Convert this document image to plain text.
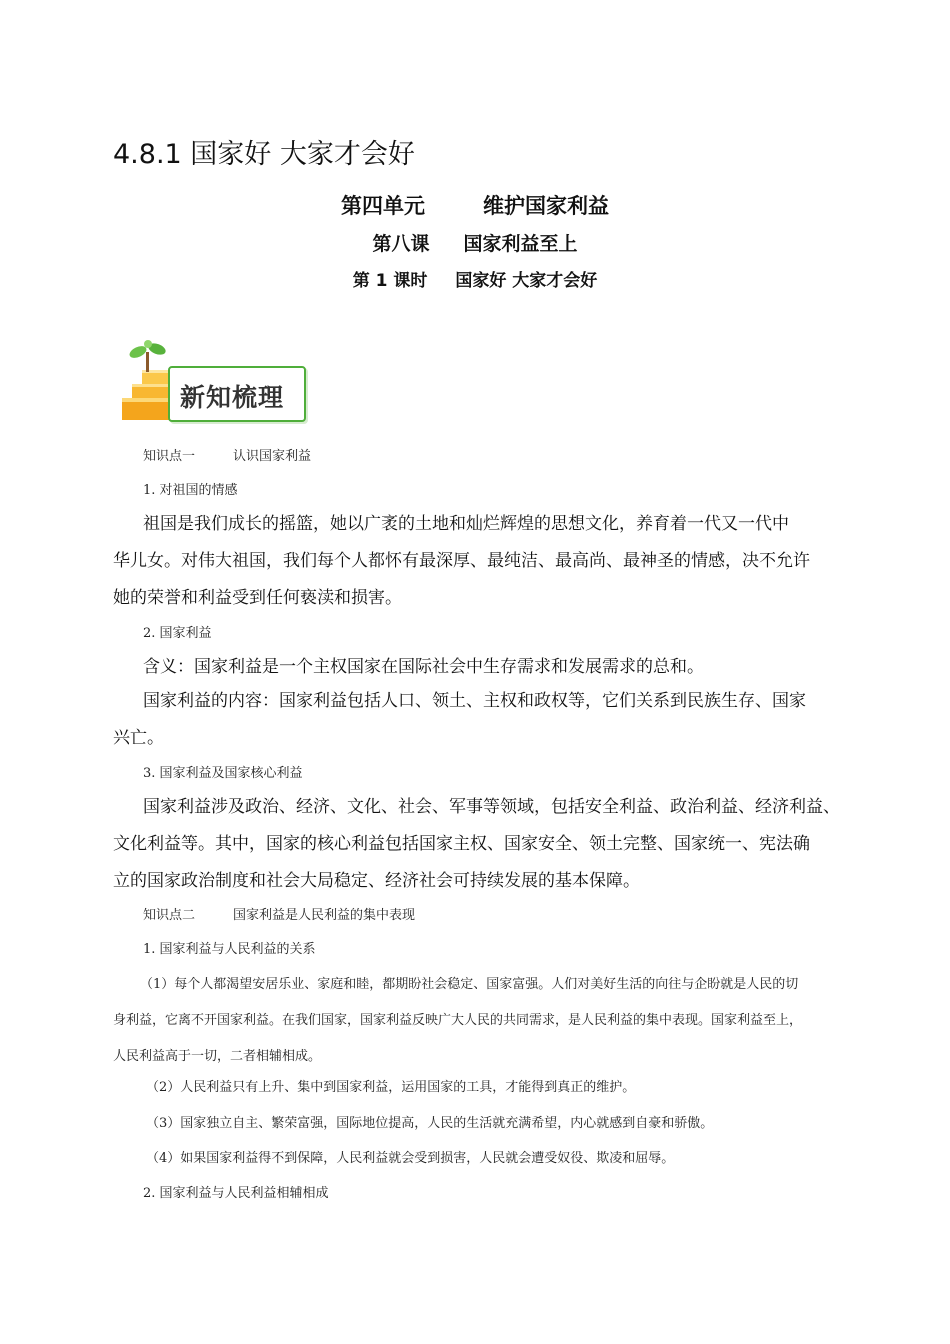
4.8.1 国家好 大家才会好
第四单元	维护国家利益
第八课 国家利益至上
第 1 课时 国家好 大家才会好
新知梳理
知识点一	认识国家利益
1. 对祖国的情感
祖国是我们成长的摇篮，她以广袤的土地和灿烂辉煌的思想文化，养育着一代又一代中
华儿女。对伟大祖国，我们每个人都怀有最深厚、最纯洁、最高尚、最神圣的情感，决不允许
她的荣誉和利益受到任何亵渎和损害。
2. 国家利益
含义：国家利益是一个主权国家在国际社会中生存需求和发展需求的总和。
国家利益的内容：国家利益包括人口、领土、主权和政权等，它们关系到民族生存、国家
兴亡。
3. 国家利益及国家核心利益
国家利益涉及政治、经济、文化、社会、军事等领域，包括安全利益、政治利益、经济利益、
文化利益等。其中，国家的核心利益包括国家主权、国家安全、领土完整、国家统一、宪法确
立的国家政治制度和社会大局稳定、经济社会可持续发展的基本保障。
知识点二	国家利益是人民利益的集中表现
1. 国家利益与人民利益的关系
（1）每个人都渴望安居乐业、家庭和睦，都期盼社会稳定、国家富强。人们对美好生活的向往与企盼就是人民的切
身利益，它离不开国家利益。在我们国家，国家利益反映广大人民的共同需求，是人民利益的集中表现。国家利益至上，
人民利益高于一切，二者相辅相成。
（2）人民利益只有上升、集中到国家利益，运用国家的工具，才能得到真正的维护。
（3）国家独立自主、繁荣富强，国际地位提高，人民的生活就充满希望，内心就感到自豪和骄傲。
（4）如果国家利益得不到保障，人民利益就会受到损害，人民就会遭受奴役、欺凌和屈辱。
2. 国家利益与人民利益相辅相成
